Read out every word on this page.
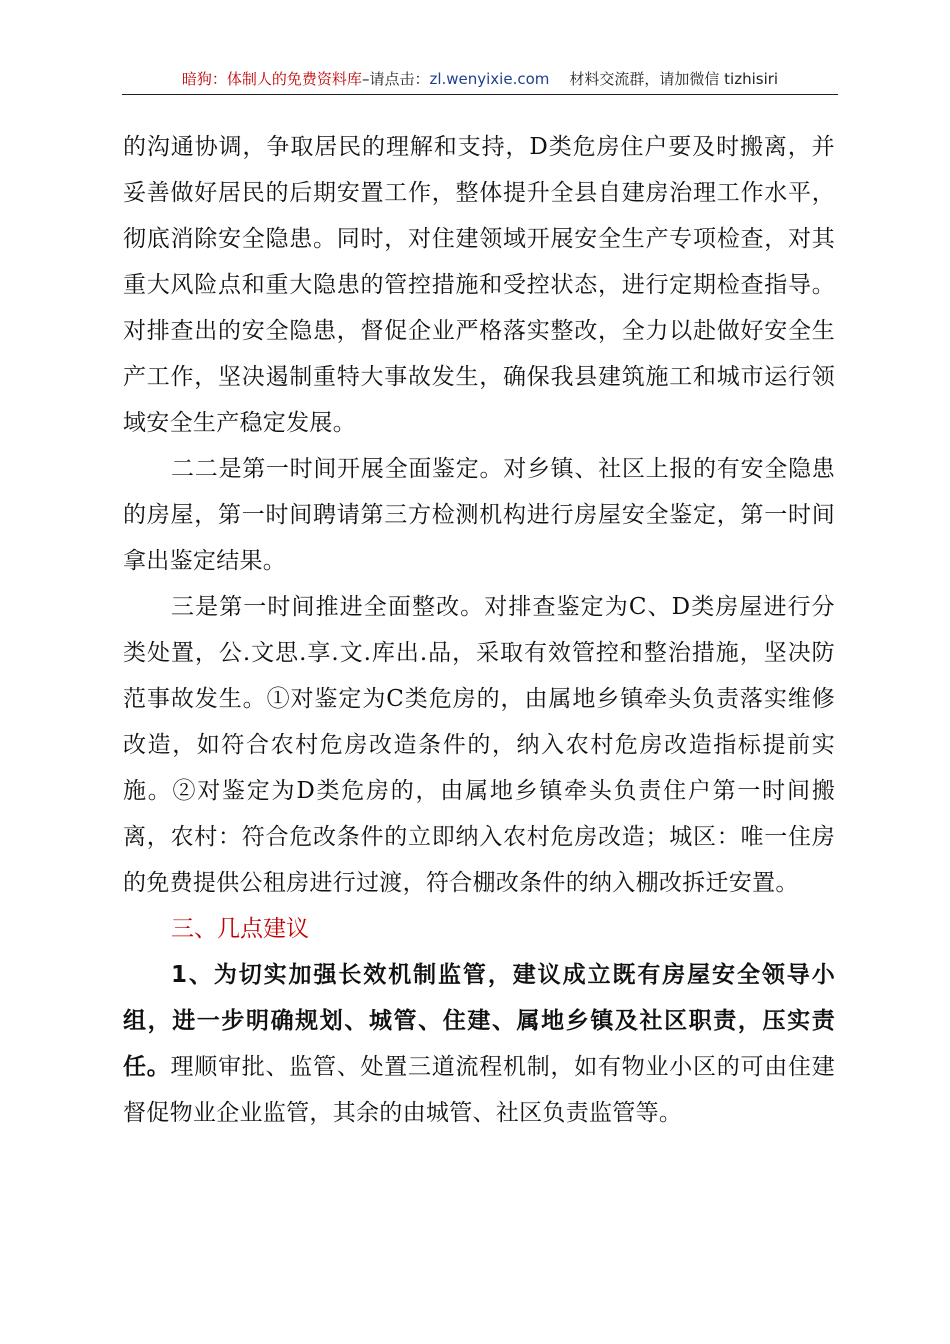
暗狗：体制人的免费资料库–请点击：zl.wenyixie.com 材料交流群，请加微信 tizhisiri

的沟通协调，争取居民的理解和支持，D类危房住户要及时搬离，并妥善做好居民的后期安置工作，整体提升全县自建房治理工作水平，彻底消除安全隐患。同时，对住建领域开展安全生产专项检查，对其重大风险点和重大隐患的管控措施和受控状态，进行定期检查指导。对排查出的安全隐患，督促企业严格落实整改，全力以赴做好安全生产工作，坚决遏制重特大事故发生，确保我县建筑施工和城市运行领域安全生产稳定发展。

二二是第一时间开展全面鉴定。对乡镇、社区上报的有安全隐患的房屋，第一时间聘请第三方检测机构进行房屋安全鉴定，第一时间拿出鉴定结果。

三是第一时间推进全面整改。对排查鉴定为C、D类房屋进行分类处置，公.文思.享.文.库出.品，采取有效管控和整治措施，坚决防范事故发生。①对鉴定为C类危房的，由属地乡镇牵头负责落实维修改造，如符合农村危房改造条件的，纳入农村危房改造指标提前实施。②对鉴定为D类危房的，由属地乡镇牵头负责住户第一时间搬离，农村：符合危改条件的立即纳入农村危房改造；城区：唯一住房的免费提供公租房进行过渡，符合棚改条件的纳入棚改拆迁安置。

三、几点建议

1、为切实加强长效机制监管，建议成立既有房屋安全领导小组，进一步明确规划、城管、住建、属地乡镇及社区职责，压实责任。理顺审批、监管、处置三道流程机制，如有物业小区的可由住建督促物业企业监管，其余的由城管、社区负责监管等。
